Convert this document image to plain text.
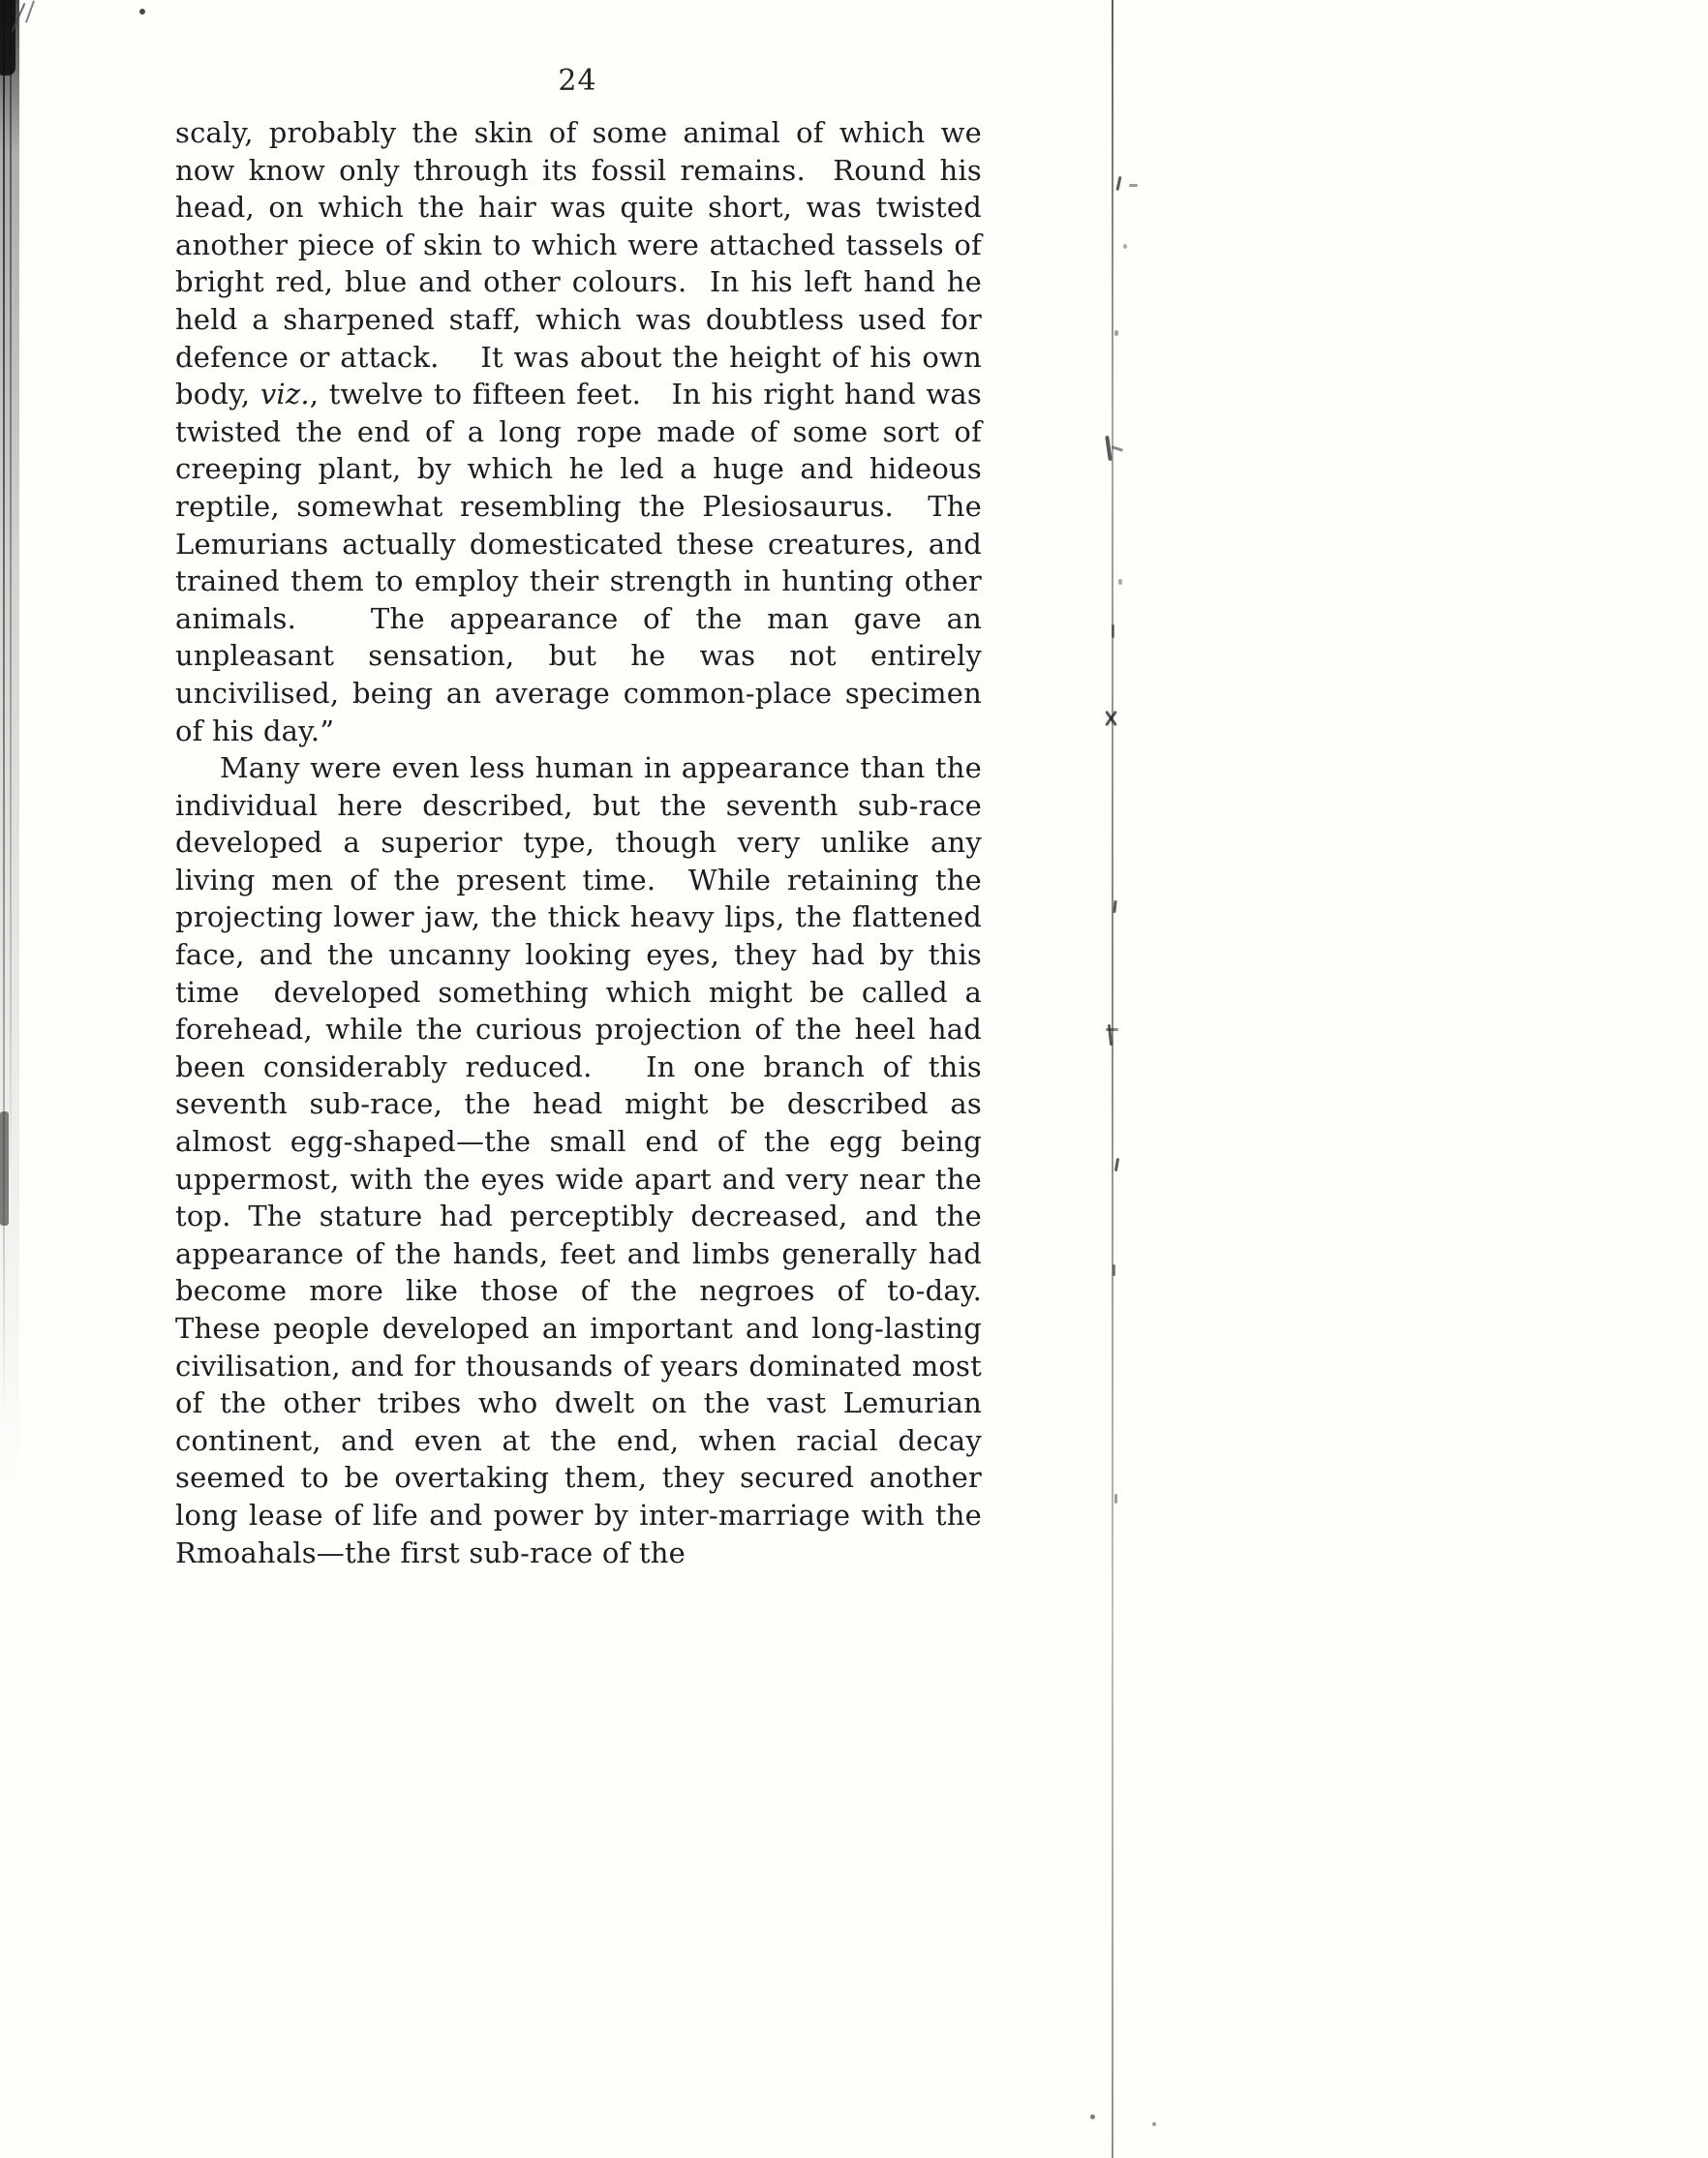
24

scaly, probably the skin of some animal of which we now know only through its fossil remains.  Round his head, on which the hair was quite short, was twisted another piece of skin to which were attached tassels of bright red, blue and other colours.  In his left hand he held a sharpened staff, which was doubtless used for defence or attack.    It was about the height of his own body, viz., twelve to fifteen feet.   In his right hand was twisted the end of a long rope made of some sort of creeping plant, by which he led a huge and hideous reptile, somewhat resembling the Plesiosaurus.  The Lemurians actually domesticated these creatures, and trained them to employ their strength in hunting other animals.   The appearance of the man gave an unpleasant sensation, but he was not entirely uncivilised, being an average common-place specimen of his day.”

Many were even less human in appearance than the individual here described, but the seventh sub-race developed a superior type, though very unlike any living men of the present time.  While retaining the projecting lower jaw, the thick heavy lips, the flattened face, and the uncanny looking eyes, they had by this time  developed something which might be called a forehead, while the curious projection of the heel had been considerably reduced.   In one branch of this seventh sub-race, the head might be described as almost egg-shaped—the small end of the egg being uppermost, with the eyes wide apart and very near the top. The stature had perceptibly decreased, and the appearance of the hands, feet and limbs generally had become more like those of the negroes of to-day.   These people developed an important and long-lasting civilisation, and for thousands of years dominated most of the other tribes who dwelt on the vast Lemurian continent, and even at the end, when racial decay seemed to be overtaking them, they secured another long lease of life and power by inter-marriage with the Rmoahals—the first sub-race of the
